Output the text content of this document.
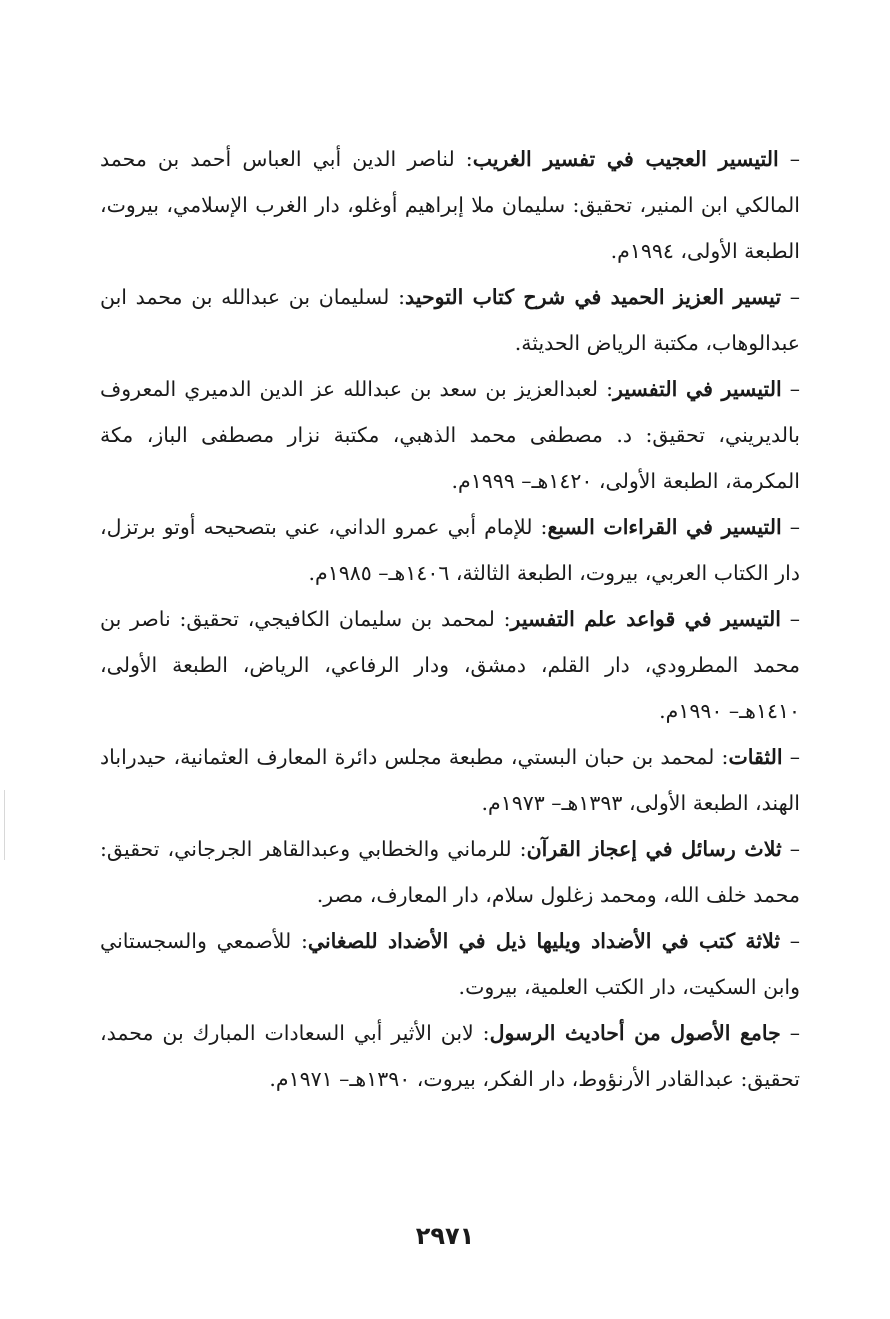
– التيسير العجيب في تفسير الغريب: لناصر الدين أبي العباس أحمد بن محمد المالكي ابن المنير، تحقيق: سليمان ملا إبراهيم أوغلو، دار الغرب الإسلامي، بيروت، الطبعة الأولى، ١٩٩٤م.
– تيسير العزيز الحميد في شرح كتاب التوحيد: لسليمان بن عبدالله بن محمد ابن عبدالوهاب، مكتبة الرياض الحديثة.
– التيسير في التفسير: لعبدالعزيز بن سعد بن عبدالله عز الدين الدميري المعروف بالديريني، تحقيق: د. مصطفى محمد الذهبي، مكتبة نزار مصطفى الباز، مكة المكرمة، الطبعة الأولى، ١٤٢٠هـ– ١٩٩٩م.
– التيسير في القراءات السبع: للإمام أبي عمرو الداني، عني بتصحيحه أوتو برتزل، دار الكتاب العربي، بيروت، الطبعة الثالثة، ١٤٠٦هـ– ١٩٨٥م.
– التيسير في قواعد علم التفسير: لمحمد بن سليمان الكافيجي، تحقيق: ناصر بن محمد المطرودي، دار القلم، دمشق، ودار الرفاعي، الرياض، الطبعة الأولى، ١٤١٠هـ– ١٩٩٠م.
– الثقات: لمحمد بن حبان البستي، مطبعة مجلس دائرة المعارف العثمانية، حيدراباد الهند، الطبعة الأولى، ١٣٩٣هـ– ١٩٧٣م.
– ثلاث رسائل في إعجاز القرآن: للرماني والخطابي وعبدالقاهر الجرجاني، تحقيق: محمد خلف الله، ومحمد زغلول سلام، دار المعارف، مصر.
– ثلاثة كتب في الأضداد ويليها ذيل في الأضداد للصغاني: للأصمعي والسجستاني وابن السكيت، دار الكتب العلمية، بيروت.
– جامع الأصول من أحاديث الرسول: لابن الأثير أبي السعادات المبارك بن محمد، تحقيق: عبدالقادر الأرنؤوط، دار الفكر، بيروت، ١٣٩٠هـ– ١٩٧١م.
٢٩٧١
